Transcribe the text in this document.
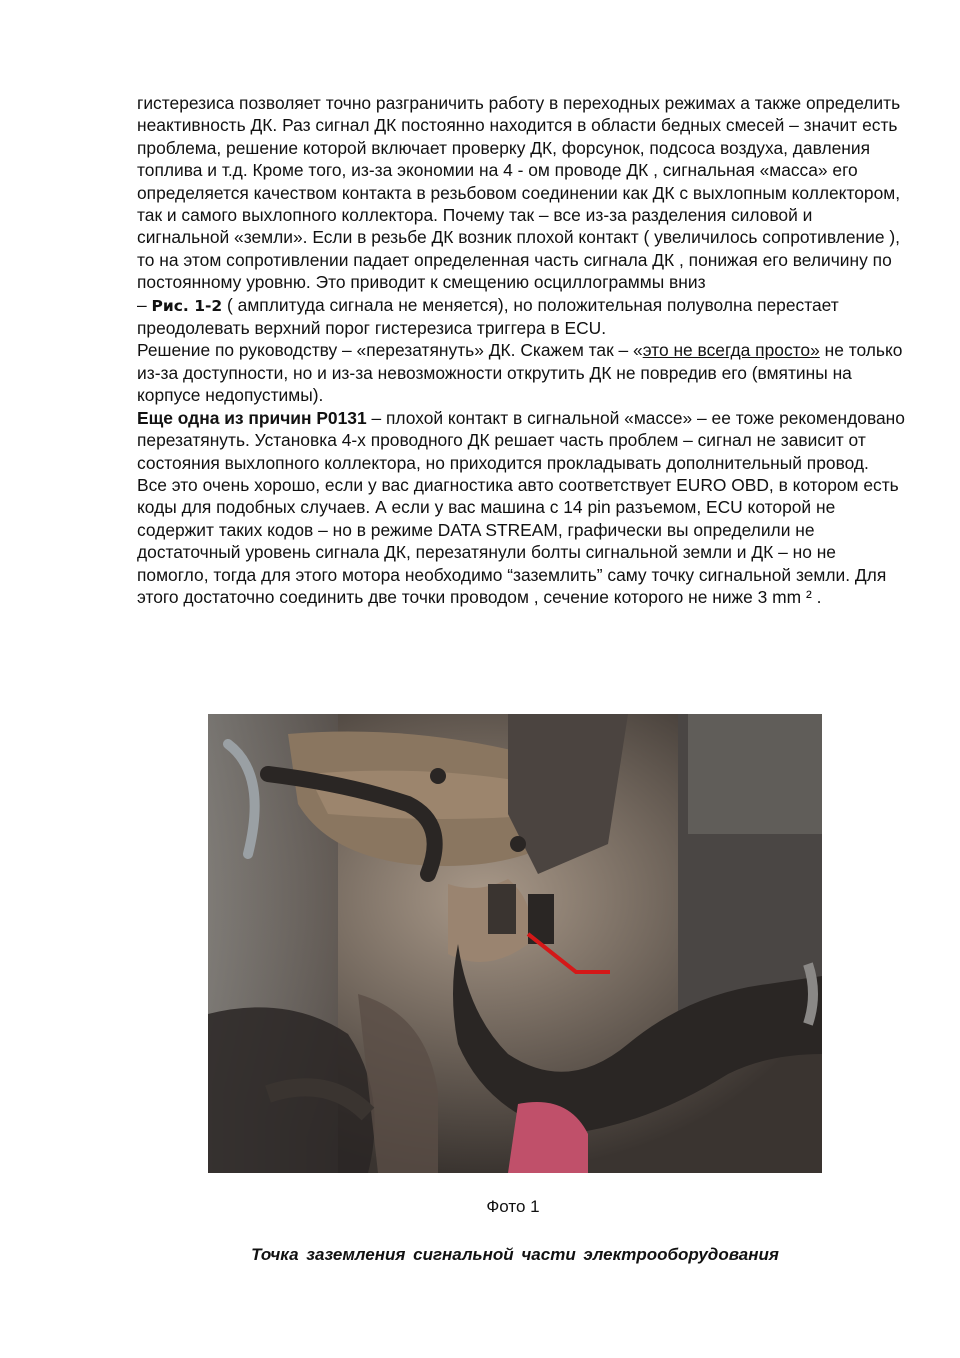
гистерезиса позволяет точно разграничить работу в переходных режимах а также определить неактивность ДК. Раз сигнал ДК постоянно находится в области бедных смесей – значит есть проблема, решение которой включает проверку ДК, форсунок, подсоса воздуха, давления топлива и т.д. Кроме того, из-за экономии на 4 - ом проводе ДК , сигнальная «масса» его определяется качеством контакта в резьбовом соединении как ДК с выхлопным коллектором, так и самого выхлопного коллектора. Почему так – все из-за разделения силовой и сигнальной «земли». Если в резьбе ДК возник плохой контакт ( увеличилось сопротивление ), то на этом сопротивлении падает определенная часть сигнала ДК , понижая его величину по постоянному уровню. Это приводит к смещению осциллограммы вниз

– Рис. 1-2 ( амплитуда сигнала не меняется), но положительная полуволна перестает преодолевать верхний порог гистерезиса триггера в ECU.

Решение по руководству – «перезатянуть» ДК. Скажем так – «это не всегда просто» не только из-за доступности, но и из-за невозможности открутить ДК не повредив его (вмятины на корпусе недопустимы).

Еще одна из причин Р0131 – плохой контакт в сигнальной «массе» – ее тоже рекомендовано перезатянуть. Установка 4-х проводного ДК решает часть проблем – сигнал не зависит от состояния выхлопного коллектора, но приходится прокладывать дополнительный провод.

Все это очень хорошо, если у вас диагностика авто соответствует EURO OBD, в котором есть коды для подобных случаев. А если у вас машина с 14 pin разъемом, ECU которой не содержит таких кодов – но в режиме DATA STREAM, графически вы определили не достаточный уровень сигнала ДК, перезатянули болты сигнальной земли и ДК – но не помогло, тогда для этого мотора необходимо “заземлить” саму точку сигнальной земли. Для этого достаточно соединить две точки проводом , сечение которого не ниже 3 mm ² .

Фото 1
Точка заземления сигнальной части электрооборудования
